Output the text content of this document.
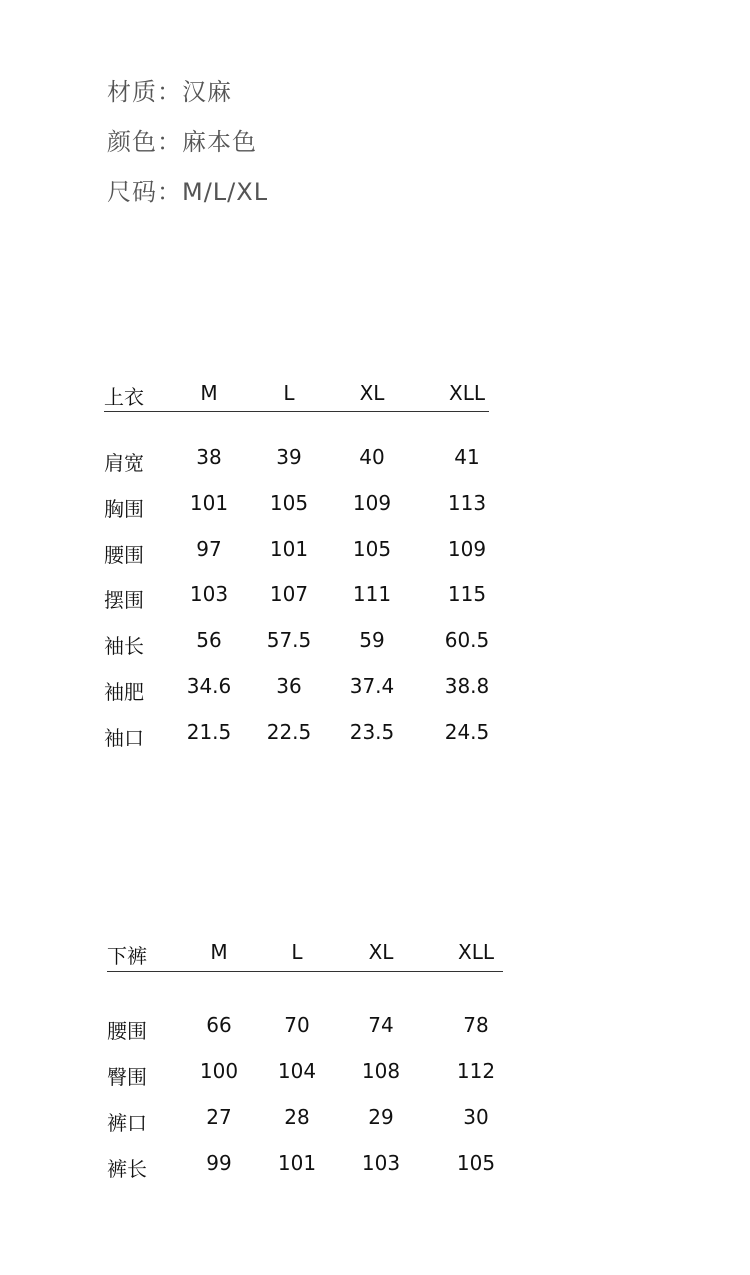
材质：汉麻
颜色：麻本色
尺码：M/L/XL
上衣	M	L	XL	XLL
肩宽	38	39	40	41
胸围 101 105 109	113
腰围	97 101 105	109
摆围 103 107 111	115
袖长	56 57.5 59	60.5
袖肥 34.6 36 37.4	38.8
袖口 21.5 22.5 23.5	24.5
下裤	M	L	XL	XLL
腰围	66	70	74	78
臀围	100 104 108	112
裤口	27	28	29	30
裤长	99 101 103	105
